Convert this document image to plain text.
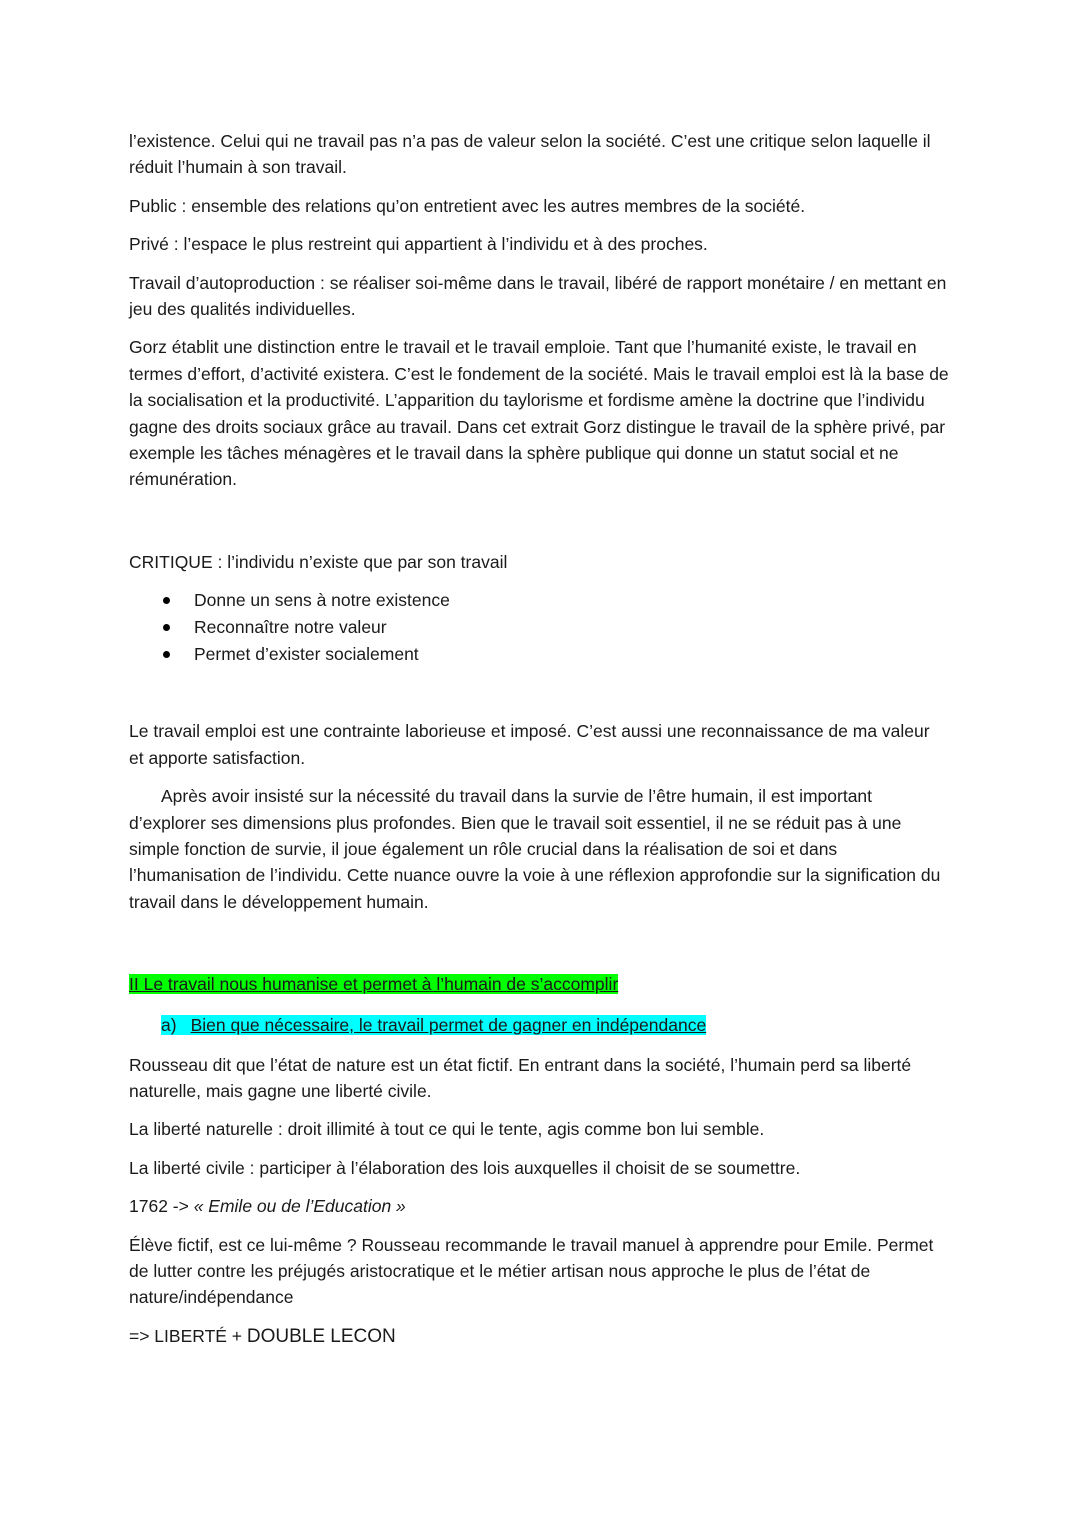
l’existence. Celui qui ne travail pas n’a pas de valeur selon la société. C’est une critique selon laquelle il réduit l’humain à son travail.

Public : ensemble des relations qu’on entretient avec les autres membres de la société.

Privé : l’espace le plus restreint qui appartient à l’individu et à des proches.

Travail d’autoproduction : se réaliser soi-même dans le travail, libéré de rapport monétaire / en mettant en jeu des qualités individuelles.

Gorz établit une distinction entre le travail et le travail emploie. Tant que l’humanité existe, le travail en termes d’effort, d’activité existera. C’est le fondement de la société. Mais le travail emploi est là la base de la socialisation et la productivité. L’apparition du taylorisme et fordisme amène la doctrine que l’individu gagne des droits sociaux grâce au travail. Dans cet extrait Gorz distingue le travail de la sphère privé, par exemple les tâches ménagères et le travail dans la sphère publique qui donne un statut social et ne rémunération.

CRITIQUE : l’individu n’existe que par son travail

Donne un sens à notre existence
Reconnaître notre valeur
Permet d’exister socialement

Le travail emploi est une contrainte laborieuse et imposé. C’est aussi une reconnaissance de ma valeur et apporte satisfaction.

Après avoir insisté sur la nécessité du travail dans la survie de l’être humain, il est important d’explorer ses dimensions plus profondes. Bien que le travail soit essentiel, il ne se réduit pas à une simple fonction de survie, il joue également un rôle crucial dans la réalisation de soi et dans l’humanisation de l’individu. Cette nuance ouvre la voie à une réflexion approfondie sur la signification du travail dans le développement humain.

II Le travail nous humanise et permet à l’humain de s’accomplir

a) Bien que nécessaire, le travail permet de gagner en indépendance

Rousseau dit que l’état de nature est un état fictif. En entrant dans la société, l’humain perd sa liberté naturelle, mais gagne une liberté civile.

La liberté naturelle : droit illimité à tout ce qui le tente, agis comme bon lui semble.

La liberté civile : participer à l’élaboration des lois auxquelles il choisit de se soumettre.

1762 -> « Emile ou de l’Education »

Élève fictif, est ce lui-même ? Rousseau recommande le travail manuel à apprendre pour Emile. Permet de lutter contre les préjugés aristocratique et le métier artisan nous approche le plus de l’état de nature/indépendance

=> LIBERTÉ + DOUBLE LECON
